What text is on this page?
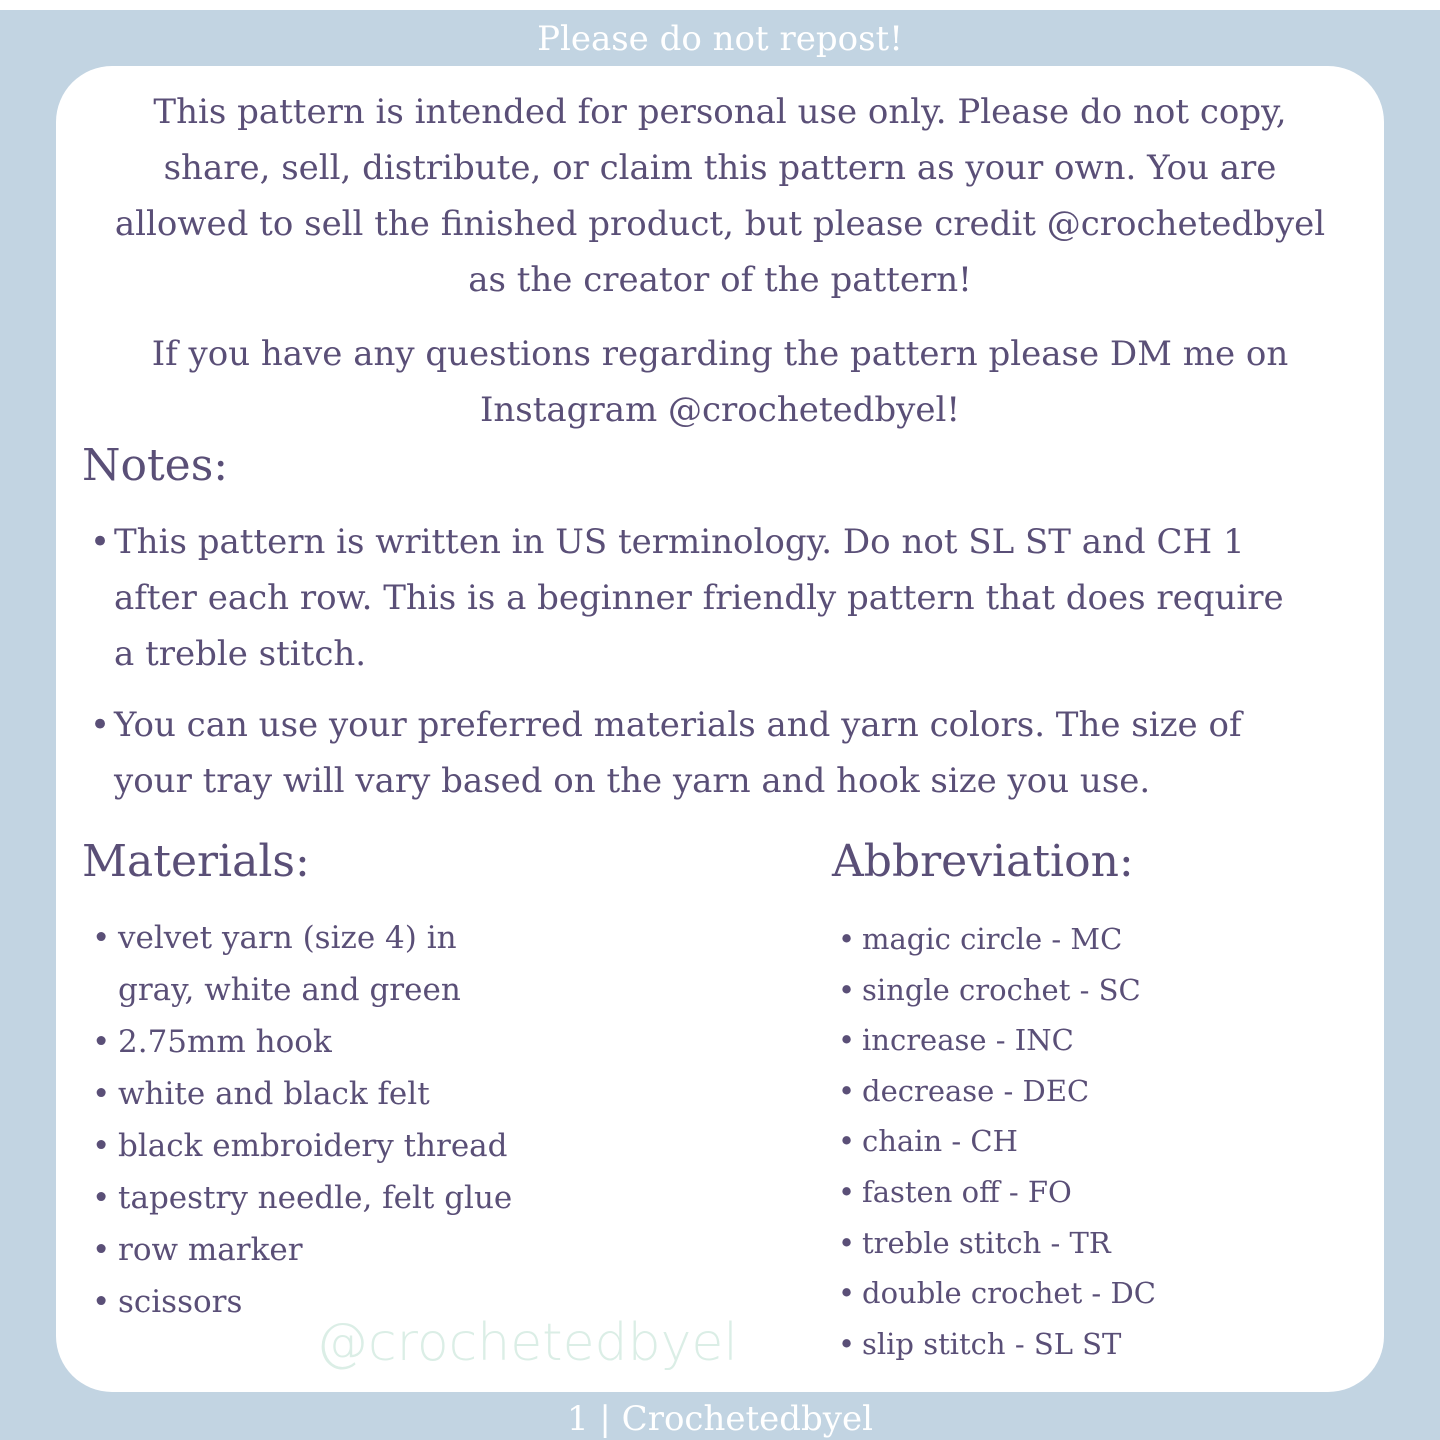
Please do not repost!

This pattern is intended for personal use only. Please do not copy, share, sell, distribute, or claim this pattern as your own. You are allowed to sell the finished product, but please credit @crochetedbyel as the creator of the pattern!

If you have any questions regarding the pattern please DM me on Instagram @crochetedbyel!

Notes:
• This pattern is written in US terminology. Do not SL ST and CH 1 after each row. This is a beginner friendly pattern that does require a treble stitch.
• You can use your preferred materials and yarn colors. The size of your tray will vary based on the yarn and hook size you use.
Materials:
• velvet yarn (size 4) in gray, white and green
• 2.75mm hook
• white and black felt
• black embroidery thread
• tapestry needle, felt glue
• row marker
• scissors
Abbreviation:
• magic circle - MC
• single crochet - SC
• increase - INC
• decrease - DEC
• chain - CH
• fasten off - FO
• treble stitch - TR
• double crochet - DC
• slip stitch - SL ST
@crochetedbyel
1 | Crochetedbyel
